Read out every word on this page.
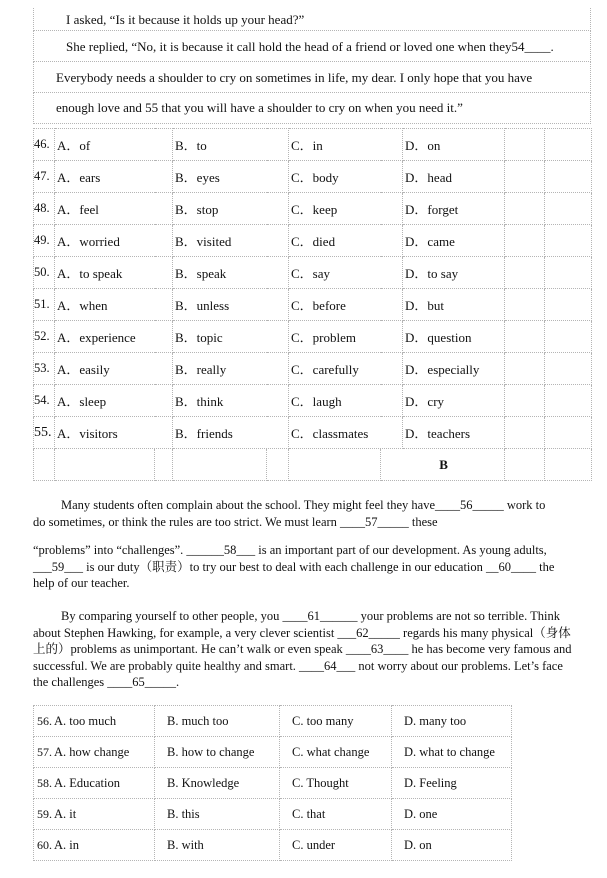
I asked, “Is it because it holds up your head?”
She replied, “No, it is because it call hold the head of a friend or loved one when they54____.
Everybody needs a shoulder to cry on sometimes in life, my dear. I only hope that you have
enough love and 55 that you will have a shoulder to cry on when you need it.”
46.	A．of		B．to		C．in		D．on		
47.	A．ears		B．eyes		C．body		D．head		
48.	A．feel		B．stop		C．keep		D．forget		
49.	A．worried		B．visited		C．died		D．came		
50.	A．to speak		B．speak		C．say		D．to say		
51.	A．when		B．unless		C．before		D．but		
52.	A．experience		B．topic		C．problem		D．question		
53.	A．easily		B．really		C．carefully		D．especially		
54.	A．sleep		B．think		C．laugh		D．cry		
55.	A．visitors		B．friends		C．classmates		D．teachers		
						B			

Many students often complain about the school. They might feel they have____56_____ work to do sometimes, or think the rules are too strict. We must learn ____57_____ these

“problems” into “challenges”. ______58___ is an important part of our development. As young adults, ___59___ is our duty（职责）to try our best to deal with each challenge in our education __60____ the help of our teacher.

By comparing yourself to other people, you ____61______ your problems are not so terrible. Think about Stephen Hawking, for example, a very clever scientist ___62_____ regards his many physical（身体上的）problems as unimportant. He can’t walk or even speak ____63____ he has become very famous and successful. We are probably quite healthy and smart. ____64___ not worry about our problems. Let’s face the challenges ____65_____.

56. A. too much	B. much too	C. too many	D. many too
57. A. how change	B. how to change	C. what change	D. what to change
58. A. Education	B. Knowledge	C. Thought	D. Feeling
59. A. it	B. this	C. that	D. one
60. A. in	B. with	C. under	D. on
